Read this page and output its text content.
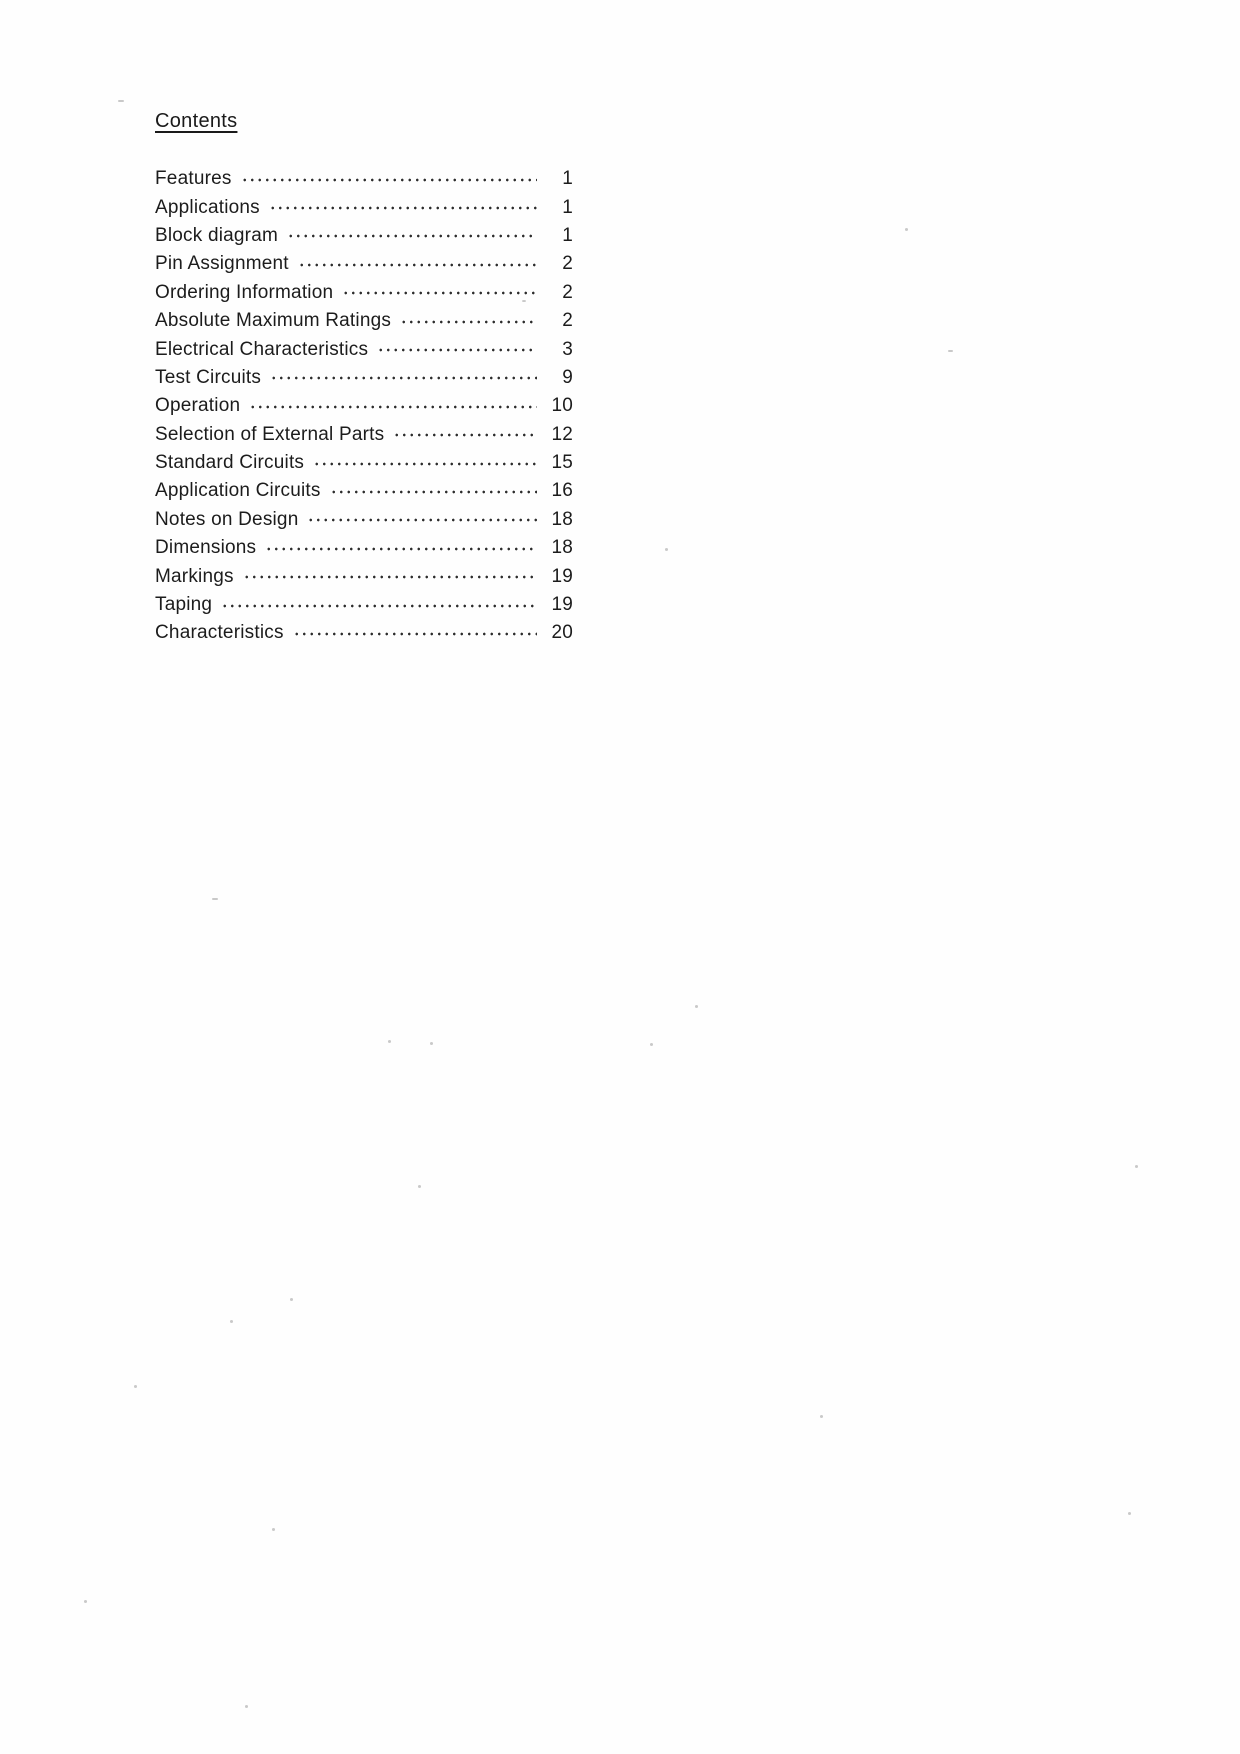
Contents
Features	1
Applications	1
Block diagram	1
Pin Assignment	2
Ordering Information	2
Absolute Maximum Ratings	2
Electrical Characteristics	3
Test Circuits	9
Operation	10
Selection of External Parts	12
Standard Circuits	15
Application Circuits	16
Notes on Design	18
Dimensions	18
Markings	19
Taping	19
Characteristics	20
